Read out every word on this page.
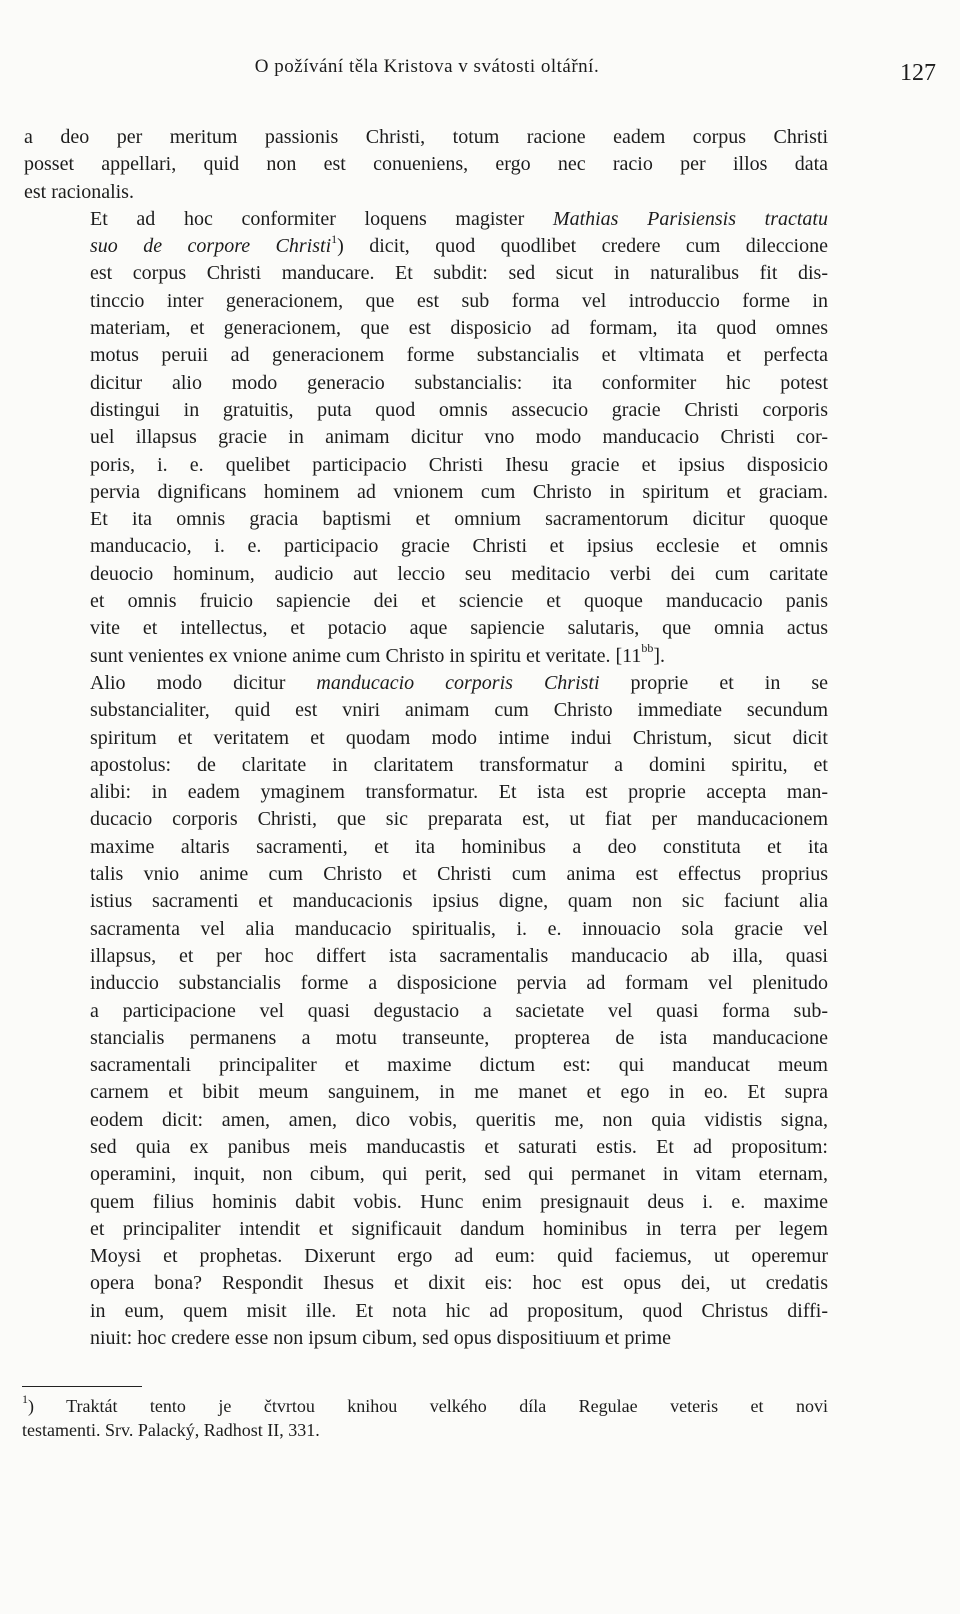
O požívání těla Kristova v svátosti oltářní.	127
a deo per meritum passionis Christi, totum racione eadem corpus Christi
posset appellari, quid non est conueniens, ergo nec racio per illos data
est racionalis.
Et ad hoc conformiter loquens magister Mathias Parisiensis tractatu
suo de corpore Christi$^1$) dicit, quod quodlibet credere cum dileccione
est corpus Christi manducare. Et subdit: sed sicut in naturalibus fit dis-
tinccio inter generacionem, que est sub forma vel introduccio forme in
materiam, et generacionem, que est disposicio ad formam, ita quod omnes
motus peruii ad generacionem forme substancialis et vltimata et perfecta
dicitur alio modo generacio substancialis: ita conformiter hic potest
distingui in gratuitis, puta quod omnis assecucio gracie Christi corporis
uel illapsus gracie in animam dicitur vno modo manducacio Christi cor-
poris, i. e. quelibet participacio Christi Ihesu gracie et ipsius disposicio
pervia dignificans hominem ad vnionem cum Christo in spiritum et graciam.
Et ita omnis gracia baptismi et omnium sacramentorum dicitur quoque
manducacio, i. e. participacio gracie Christi et ipsius ecclesie et omnis
deuocio hominum, audicio aut leccio seu meditacio verbi dei cum caritate
et omnis fruicio sapiencie dei et sciencie et quoque manducacio panis
vite et intellectus, et potacio aque sapiencie salutaris, que omnia actus
sunt venientes ex vnione anime cum Christo in spiritu et veritate. $[11^{bb}]$.
Alio modo dicitur manducacio corporis Christi proprie et in se
substancialiter, quid est vniri animam cum Christo immediate secundum
spiritum et veritatem et quodam modo intime indui Christum, sicut dicit
apostolus: de claritate in claritatem transformatur a domini spiritu, et
alibi: in eadem ymaginem transformatur. Et ista est proprie accepta man-
ducacio corporis Christi, que sic preparata est, ut fiat per manducacionem
maxime altaris sacramenti, et ita hominibus a deo constituta et ita
talis vnio anime cum Christo et Christi cum anima est effectus proprius
istius sacramenti et manducacionis ipsius digne, quam non sic faciunt alia
sacramenta vel alia manducacio spiritualis, i. e. innouacio sola gracie vel
illapsus, et per hoc differt ista sacramentalis manducacio ab illa, quasi
induccio substancialis forme a disposicione pervia ad formam vel plenitudo
a participacione vel quasi degustacio a sacietate vel quasi forma sub-
stancialis permanens a motu transeunte, propterea de ista manducacione
sacramentali principaliter et maxime dictum est: qui manducat meum
carnem et bibit meum sanguinem, in me manet et ego in eo. Et supra
eodem dicit: amen, amen, dico vobis, queritis me, non quia vidistis signa,
sed quia ex panibus meis manducastis et saturati estis. Et ad propositum:
operamini, inquit, non cibum, qui perit, sed qui permanet in vitam eternam,
quem filius hominis dabit vobis. Hunc enim presignauit deus i. e. maxime
et principaliter intendit et significauit dandum hominibus in terra per legem
Moysi et prophetas. Dixerunt ergo ad eum: quid faciemus, ut operemur
opera bona? Respondit Ihesus et dixit eis: hoc est opus dei, ut credatis
in eum, quem misit ille. Et nota hic ad propositum, quod Christus diffi-
niuit: hoc credere esse non ipsum cibum, sed opus dispositiuum et prime
$^1$) Traktát tento je čtvrtou knihou velkého díla Regulae veteris et novi
testamenti. Srv. Palacký, Radhost II, 331.
